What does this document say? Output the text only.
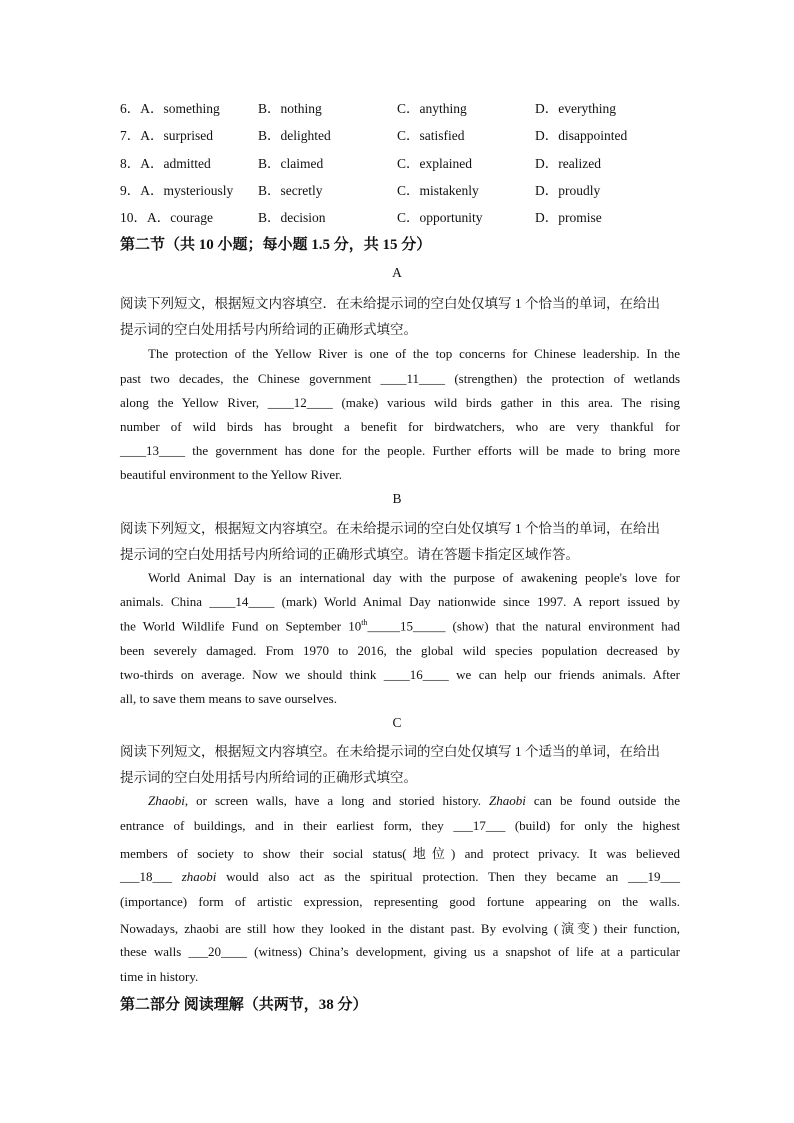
6．A．something	B．nothing	C．anything	D．everything
7．A．surprised	B．delighted	C．satisfied	D．disappointed
8．A．admitted	B．claimed	C．explained	D．realized
9．A．mysteriously B．secretly	C．mistakenly	D．proudly
10．A．courage	B．decision	C．opportunity	D．promise
第二节（共 10 小题；每小题 1.5 分，共 15 分）
A
阅读下列短文，根据短文内容填空．在未给提示词的空白处仅填写 1 个恰当的单词，在给出
提示词的空白处用括号内所给词的正确形式填空。
The protection of the Yellow River is one of the top concerns for Chinese leadership. In the
past two decades, the Chinese government ____11____ (strengthen) the protection of wetlands
along the Yellow River, ____12____ (make) various wild birds gather in this area. The rising
number of wild birds has brought a benefit for birdwatchers, who are very thankful for
____13____ the government has done for the people. Further efforts will be made to bring more
beautiful environment to the Yellow River.
B
阅读下列短文，根据短文内容填空。在未给提示词的空白处仅填写 1 个恰当的单词，在给出
提示词的空白处用括号内所给词的正确形式填空。请在答题卡指定区域作答。
World Animal Day is an international day with the purpose of awakening people's love for
animals. China ____14____ (mark) World Animal Day nationwide since 1997. A report issued by
the World Wildlife Fund on September 10th_____15_____ (show) that the natural environment had
been severely damaged. From 1970 to 2016, the global wild species population decreased by
two-thirds on average. Now we should think ____16____ we can help our friends animals. After
all, to save them means to save ourselves.
C
阅读下列短文，根据短文内容填空。在未给提示词的空白处仅填写 1 个适当的单词，在给出
提示词的空白处用括号内所给词的正确形式填空。
Zhaobi, or screen walls, have a long and storied history. Zhaobi can be found outside the
entrance of buildings, and in their earliest form, they ___17___ (build) for only the highest
members of society to show their social status(地位) and protect privacy. It was believed
___18___ zhaobi would also act as the spiritual protection. Then they became an ___19___
(importance) form of artistic expression, representing good fortune appearing on the walls.
Nowadays, zhaobi are still how they looked in the distant past. By evolving (演变) their function,
these walls ___20____ (witness) China’s development, giving us a snapshot of life at a particular
time in history.
第二部分 阅读理解（共两节，38 分）
